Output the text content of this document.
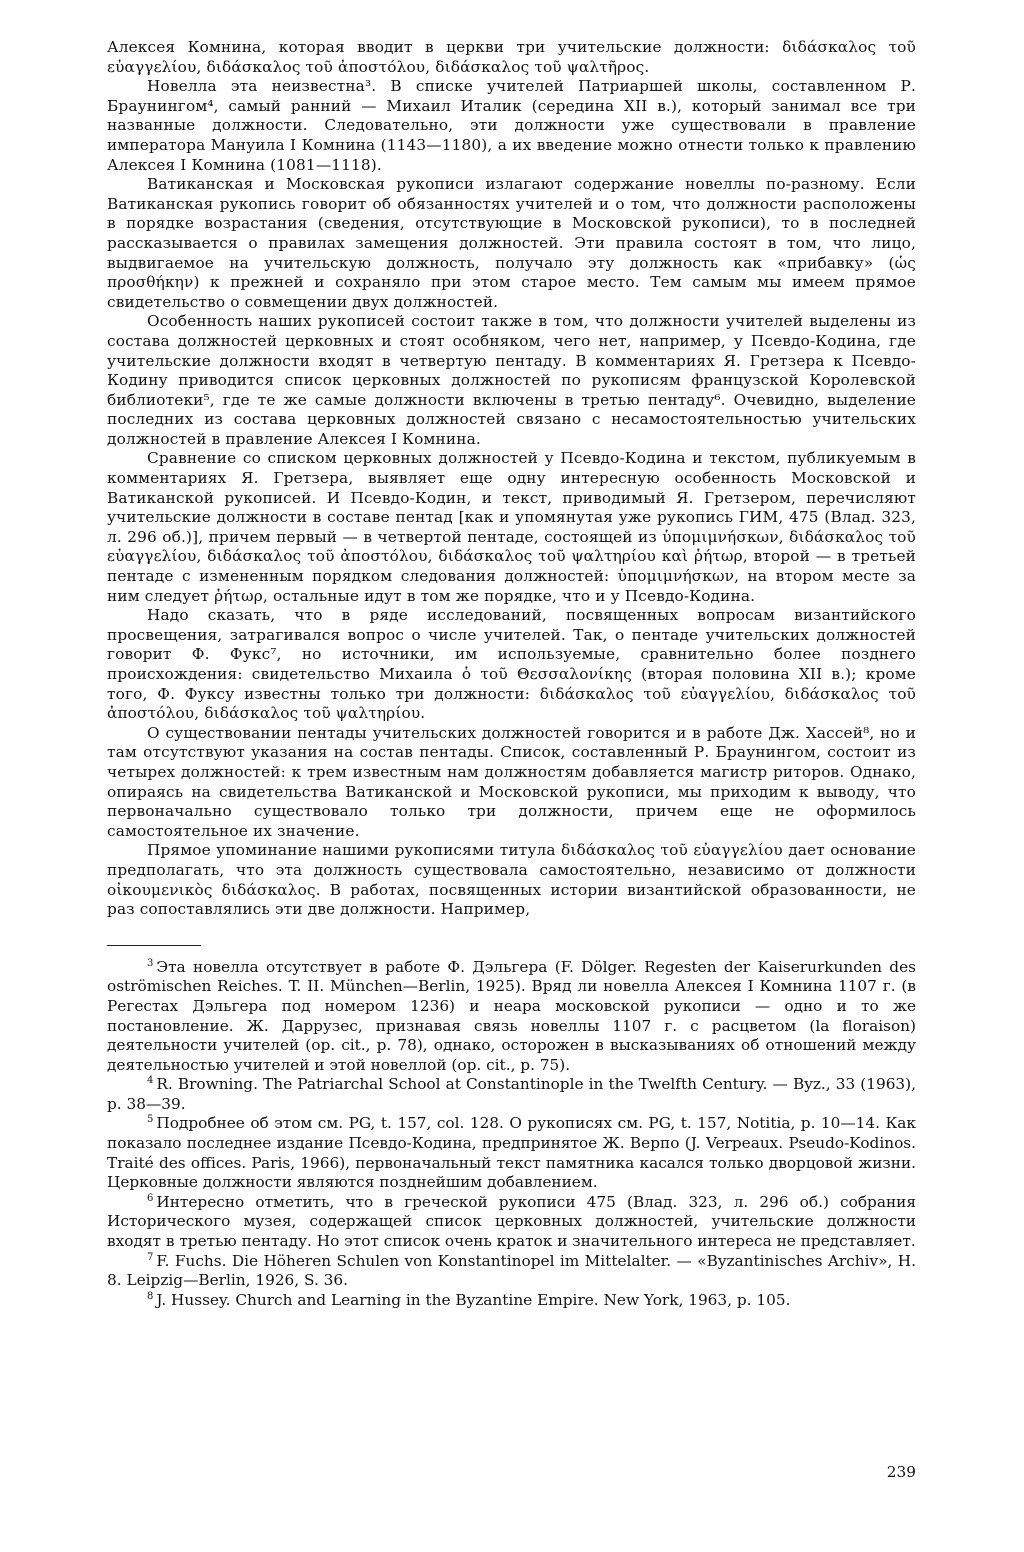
Алексея Комнина, которая вводит в церкви три учительские должности: διδάσκαλος τοῦ εὐαγγελίου, διδάσκαλος τοῦ ἀποστόλου, διδάσκαλος τοῦ ψαλτῆρος.

Новелла эта неизвестна³. В списке учителей Патриаршей школы, составленном Р. Браунингом⁴, самый ранний — Михаил Италик (середина XII в.), который занимал все три названные должности. Следовательно, эти должности уже существовали в правление императора Мануила I Комнина (1143—1180), а их введение можно отнести только к правлению Алексея I Комнина (1081—1118).

Ватиканская и Московская рукописи излагают содержание новеллы по-разному. Если Ватиканская рукопись говорит об обязанностях учителей и о том, что должности расположены в порядке возрастания (сведения, отсутствующие в Московской рукописи), то в последней рассказывается о правилах замещения должностей. Эти правила состоят в том, что лицо, выдвигаемое на учительскую должность, получало эту должность как «прибавку» (ὡς προσθήκην) к прежней и сохраняло при этом старое место. Тем самым мы имеем прямое свидетельство о совмещении двух должностей.

Особенность наших рукописей состоит также в том, что должности учителей выделены из состава должностей церковных и стоят особняком, чего нет, например, у Псевдо-Кодина, где учительские должности входят в четвертую пентаду. В комментариях Я. Гретзера к Псевдо-Кодину приводится список церковных должностей по рукописям французской Королевской библиотеки⁵, где те же самые должности включены в третью пентаду⁶. Очевидно, выделение последних из состава церковных должностей связано с несамостоятельностью учительских должностей в правление Алексея I Комнина.

Сравнение со списком церковных должностей у Псевдо-Кодина и текстом, публикуемым в комментариях Я. Гретзера, выявляет еще одну интересную особенность Московской и Ватиканской рукописей. И Псевдо-Кодин, и текст, приводимый Я. Гретзером, перечисляют учительские должности в составе пентад [как и упомянутая уже рукопись ГИМ, 475 (Влад. 323, л. 296 об.)], причем первый — в четвертой пентаде, состоящей из ὑπομιμνήσκων, διδάσκαλος τοῦ εὐαγγελίου, διδάσκαλος τοῦ ἀποστόλου, διδάσκαλος τοῦ ψαλτηρίου καὶ ῥήτωρ, второй — в третьей пентаде с измененным порядком следования должностей: ὑπομιμνήσκων, на втором месте за ним следует ῥήτωρ, остальные идут в том же порядке, что и у Псевдо-Кодина.

Надо сказать, что в ряде исследований, посвященных вопросам византийского просвещения, затрагивался вопрос о числе учителей. Так, о пентаде учительских должностей говорит Ф. Фукс⁷, но источники, им используемые, сравнительно более позднего происхождения: свидетельство Михаила ὁ τοῦ Θεσσαλονίκης (вторая половина XII в.); кроме того, Ф. Фуксу известны только три должности: διδάσκαλος τοῦ εὐαγγελίου, διδάσκαλος τοῦ ἀποστόλου, διδάσκαλος τοῦ ψαλτηρίου.

О существовании пентады учительских должностей говорится и в работе Дж. Хассей⁸, но и там отсутствуют указания на состав пентады. Список, составленный Р. Браунингом, состоит из четырех должностей: к трем известным нам должностям добавляется магистр риторов. Однако, опираясь на свидетельства Ватиканской и Московской рукописи, мы приходим к выводу, что первоначально существовало только три должности, причем еще не оформилось самостоятельное их значение.

Прямое упоминание нашими рукописями титула διδάσκαλος τοῦ εὐαγγελίου дает основание предполагать, что эта должность существовала самостоятельно, независимо от должности οἰκουμενικὸς διδάσκαλος. В работах, посвященных истории византийской образованности, не раз сопоставлялись эти две должности. Например,

$^3$ Эта новелла отсутствует в работе Ф. Дэльгера (F. Dölger. Regesten der Kaiserurkunden des oströmischen Reiches. T. II. München—Berlin, 1925). Вряд ли новелла Алексея I Комнина 1107 г. (в Регестах Дэльгера под номером 1236) и неара московской рукописи — одно и то же постановление. Ж. Даррузес, признавая связь новеллы 1107 г. с расцветом (la floraison) деятельности учителей (op. cit., p. 78), однако, осторожен в высказываниях об отношений между деятельностью учителей и этой новеллой (op. cit., p. 75).

$^4$ R. Browning. The Patriarchal School at Constantinople in the Twelfth Century. — Byz., 33 (1963), p. 38—39.

$^5$ Подробнее об этом см. PG, t. 157, col. 128. О рукописях см. PG, t. 157, Notitia, p. 10—14. Как показало последнее издание Псевдо-Кодина, предпринятое Ж. Верпо (J. Verpeaux. Pseudo-Kodinos. Traité des offices. Paris, 1966), первоначальный текст памятника касался только дворцовой жизни. Церковные должности являются позднейшим добавлением.

$^6$ Интересно отметить, что в греческой рукописи 475 (Влад. 323, л. 296 об.) собрания Исторического музея, содержащей список церковных должностей, учительские должности входят в третью пентаду. Но этот список очень краток и значительного интереса не представляет.

$^7$ F. Fuchs. Die Höheren Schulen von Konstantinopel im Mittelalter. — «Byzantinisches Archiv», H. 8. Leipzig—Berlin, 1926, S. 36.

$^8$ J. Hussey. Church and Learning in the Byzantine Empire. New York, 1963, p. 105.

239
